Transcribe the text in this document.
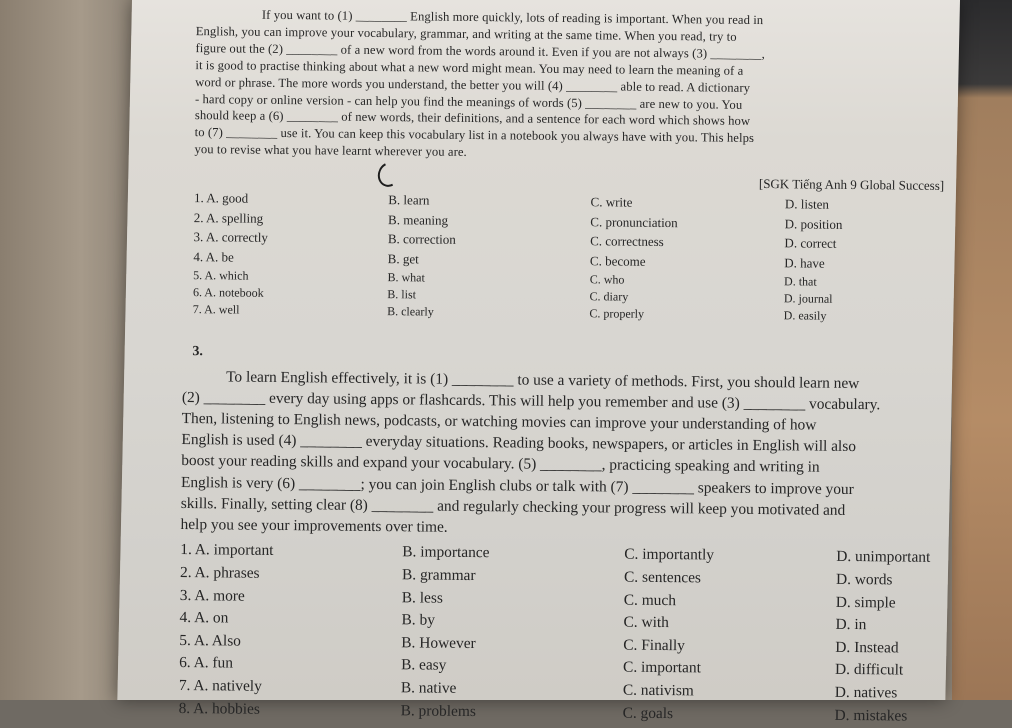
If you want to (1) ________ English more quickly, lots of reading is important. When you read in
English, you can improve your vocabulary, grammar, and writing at the same time. When you read, try to
figure out the (2) ________ of a new word from the words around it. Even if you are not always (3) ________,
it is good to practise thinking about what a new word might mean. You may need to learn the meaning of a
word or phrase. The more words you understand, the better you will (4) ________ able to read. A dictionary
- hard copy or online version - can help you find the meanings of words (5) ________ are new to you. You
should keep a (6) ________ of new words, their definitions, and a sentence for each word which shows how
to (7) ________ use it. You can keep this vocabulary list in a notebook you always have with you. This helps
you to revise what you have learnt wherever you are.
[SGK Tiếng Anh 9 Global Success]
1. A. good	B. learn	C. write	D. listen
2. A. spelling	B. meaning	C. pronunciation	D. position
3. A. correctly	B. correction	C. correctness	D. correct
4. A. be	B. get	C. become	D. have
5. A. which	B. what	C. who	D. that
6. A. notebook	B. list	C. diary	D. journal
7. A. well	B. clearly	C. properly	D. easily
3.
To learn English effectively, it is (1) ________ to use a variety of methods. First, you should learn new
(2) ________ every day using apps or flashcards. This will help you remember and use (3) ________ vocabulary.
Then, listening to English news, podcasts, or watching movies can improve your understanding of how
English is used (4) ________ everyday situations. Reading books, newspapers, or articles in English will also
boost your reading skills and expand your vocabulary. (5) ________, practicing speaking and writing in
English is very (6) ________; you can join English clubs or talk with (7) ________ speakers to improve your
skills. Finally, setting clear (8) ________ and regularly checking your progress will keep you motivated and
help you see your improvements over time.
1. A. important	B. importance	C. importantly	D. unimportant
2. A. phrases	B. grammar	C. sentences	D. words
3. A. more	B. less	C. much	D. simple
4. A. on	B. by	C. with	D. in
5. A. Also	B. However	C. Finally	D. Instead
6. A. fun	B. easy	C. important	D. difficult
7. A. natively	B. native	C. nativism	D. natives
8. A. hobbies	B. problems	C. goals	D. mistakes
